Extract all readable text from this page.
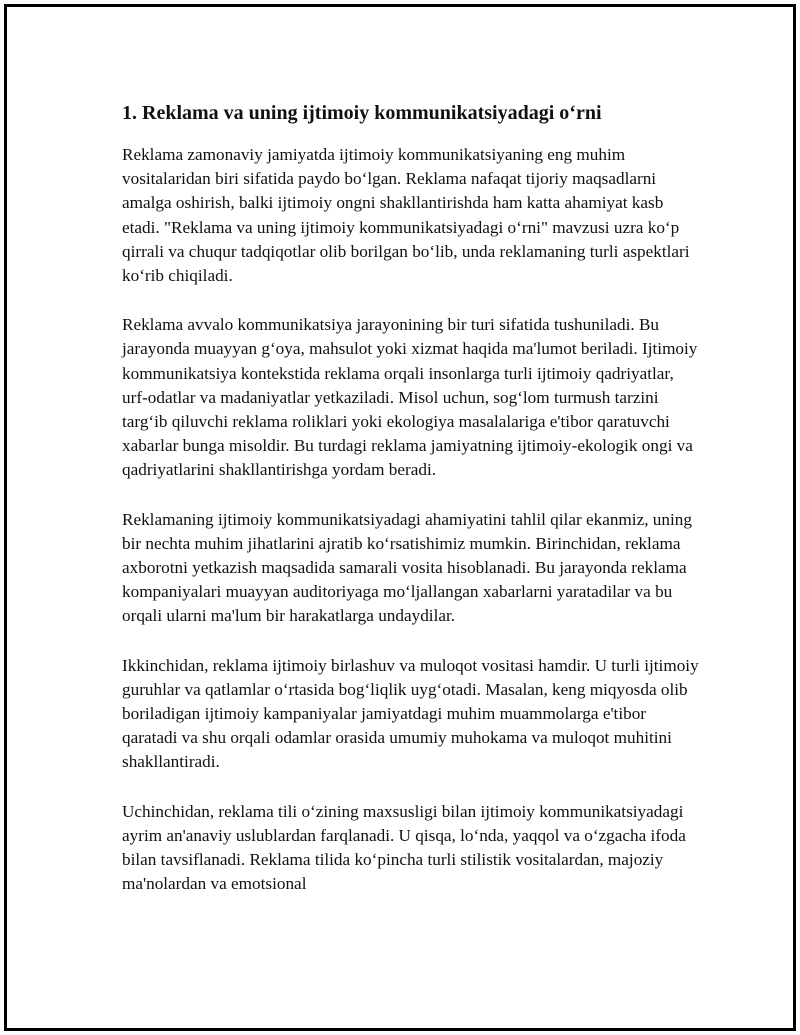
1. Reklama va uning ijtimoiy kommunikatsiyadagi o‘rni

Reklama zamonaviy jamiyatda ijtimoiy kommunikatsiyaning eng muhim vositalaridan biri sifatida paydo bo‘lgan. Reklama nafaqat tijoriy maqsadlarni amalga oshirish, balki ijtimoiy ongni shakllantirishda ham katta ahamiyat kasb etadi. "Reklama va uning ijtimoiy kommunikatsiyadagi o‘rni" mavzusi uzra ko‘p qirrali va chuqur tadqiqotlar olib borilgan bo‘lib, unda reklamaning turli aspektlari ko‘rib chiqiladi.

Reklama avvalo kommunikatsiya jarayonining bir turi sifatida tushuniladi. Bu jarayonda muayyan g‘oya, mahsulot yoki xizmat haqida ma'lumot beriladi. Ijtimoiy kommunikatsiya kontekstida reklama orqali insonlarga turli ijtimoiy qadriyatlar, urf-odatlar va madaniyatlar yetkaziladi. Misol uchun, sog‘lom turmush tarzini targ‘ib qiluvchi reklama roliklari yoki ekologiya masalalariga e'tibor qaratuvchi xabarlar bunga misoldir. Bu turdagi reklama jamiyatning ijtimoiy-ekologik ongi va qadriyatlarini shakllantirishga yordam beradi.

Reklamaning ijtimoiy kommunikatsiyadagi ahamiyatini tahlil qilar ekanmiz, uning bir nechta muhim jihatlarini ajratib ko‘rsatishimiz mumkin. Birinchidan, reklama axborotni yetkazish maqsadida samarali vosita hisoblanadi. Bu jarayonda reklama kompaniyalari muayyan auditoriyaga mo‘ljallangan xabarlarni yaratadilar va bu orqali ularni ma'lum bir harakatlarga undaydilar.

Ikkinchidan, reklama ijtimoiy birlashuv va muloqot vositasi hamdir. U turli ijtimoiy guruhlar va qatlamlar o‘rtasida bog‘liqlik uyg‘otadi. Masalan, keng miqyosda olib boriladigan ijtimoiy kampaniyalar jamiyatdagi muhim muammolarga e'tibor qaratadi va shu orqali odamlar orasida umumiy muhokama va muloqot muhitini shakllantiradi.

Uchinchidan, reklama tili o‘zining maxsusligi bilan ijtimoiy kommunikatsiyadagi ayrim an'anaviy uslublardan farqlanadi. U qisqa, lo‘nda, yaqqol va o‘zgacha ifoda bilan tavsiflanadi. Reklama tilida ko‘pincha turli stilistik vositalardan, majoziy ma'nolardan va emotsional
